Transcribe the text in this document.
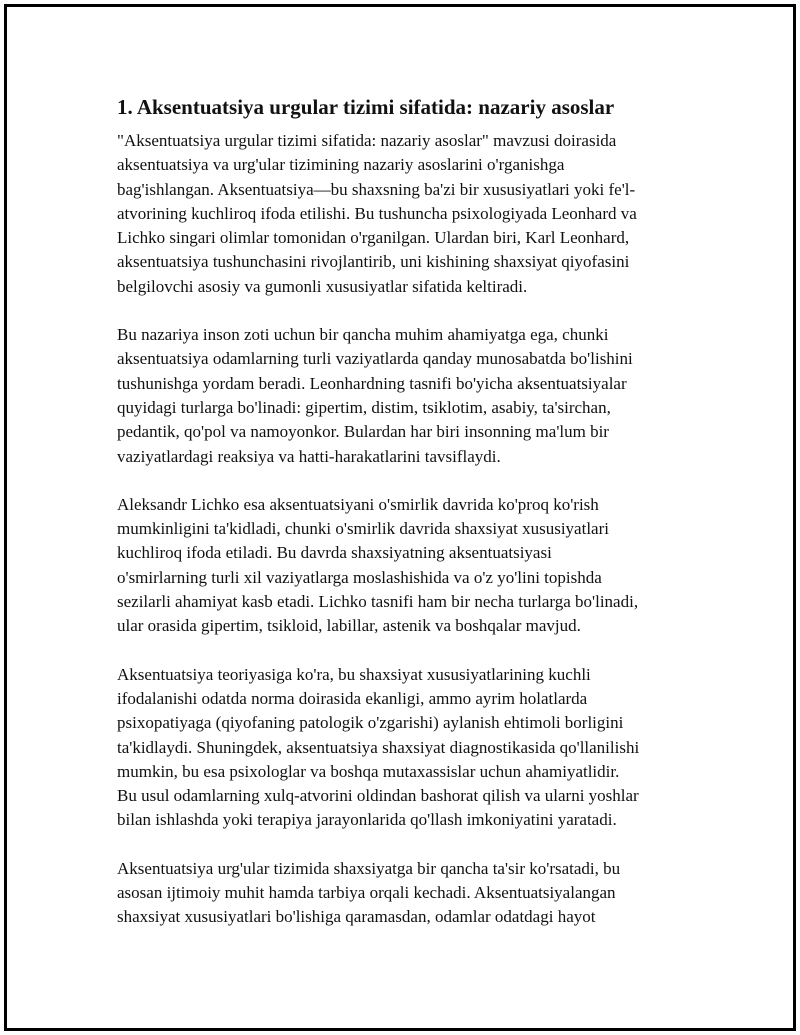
1. Aksentuatsiya urgular tizimi sifatida: nazariy asoslar

"Aksentuatsiya urgular tizimi sifatida: nazariy asoslar" mavzusi doirasida
aksentuatsiya va urg'ular tizimining nazariy asoslarini o'rganishga
bag'ishlangan. Aksentuatsiya—bu shaxsning ba'zi bir xususiyatlari yoki fe'l-
atvorining kuchliroq ifoda etilishi. Bu tushuncha psixologiyada Leonhard va
Lichko singari olimlar tomonidan o'rganilgan. Ulardan biri, Karl Leonhard,
aksentuatsiya tushunchasini rivojlantirib, uni kishining shaxsiyat qiyofasini
belgilovchi asosiy va gumonli xususiyatlar sifatida keltiradi.

Bu nazariya inson zoti uchun bir qancha muhim ahamiyatga ega, chunki
aksentuatsiya odamlarning turli vaziyatlarda qanday munosabatda bo'lishini
tushunishga yordam beradi. Leonhardning tasnifi bo'yicha aksentuatsiyalar
quyidagi turlarga bo'linadi: gipertim, distim, tsiklotim, asabiy, ta'sirchan,
pedantik, qo'pol va namoyonkor. Bulardan har biri insonning ma'lum bir
vaziyatlardagi reaksiya va hatti-harakatlarini tavsiflaydi.

Aleksandr Lichko esa aksentuatsiyani o'smirlik davrida ko'proq ko'rish
mumkinligini ta'kidladi, chunki o'smirlik davrida shaxsiyat xususiyatlari
kuchliroq ifoda etiladi. Bu davrda shaxsiyatning aksentuatsiyasi
o'smirlarning turli xil vaziyatlarga moslashishida va o'z yo'lini topishda
sezilarli ahamiyat kasb etadi. Lichko tasnifi ham bir necha turlarga bo'linadi,
ular orasida gipertim, tsikloid, labillar, astenik va boshqalar mavjud.

Aksentuatsiya teoriyasiga ko'ra, bu shaxsiyat xususiyatlarining kuchli
ifodalanishi odatda norma doirasida ekanligi, ammo ayrim holatlarda
psixopatiyaga (qiyofaning patologik o'zgarishi) aylanish ehtimoli borligini
ta'kidlaydi. Shuningdek, aksentuatsiya shaxsiyat diagnostikasida qo'llanilishi
mumkin, bu esa psixologlar va boshqa mutaxassislar uchun ahamiyatlidir.
Bu usul odamlarning xulq-atvorini oldindan bashorat qilish va ularni yoshlar
bilan ishlashda yoki terapiya jarayonlarida qo'llash imkoniyatini yaratadi.

Aksentuatsiya urg'ular tizimida shaxsiyatga bir qancha ta'sir ko'rsatadi, bu
asosan ijtimoiy muhit hamda tarbiya orqali kechadi. Aksentuatsiyalangan
shaxsiyat xususiyatlari bo'lishiga qaramasdan, odamlar odatdagi hayot
